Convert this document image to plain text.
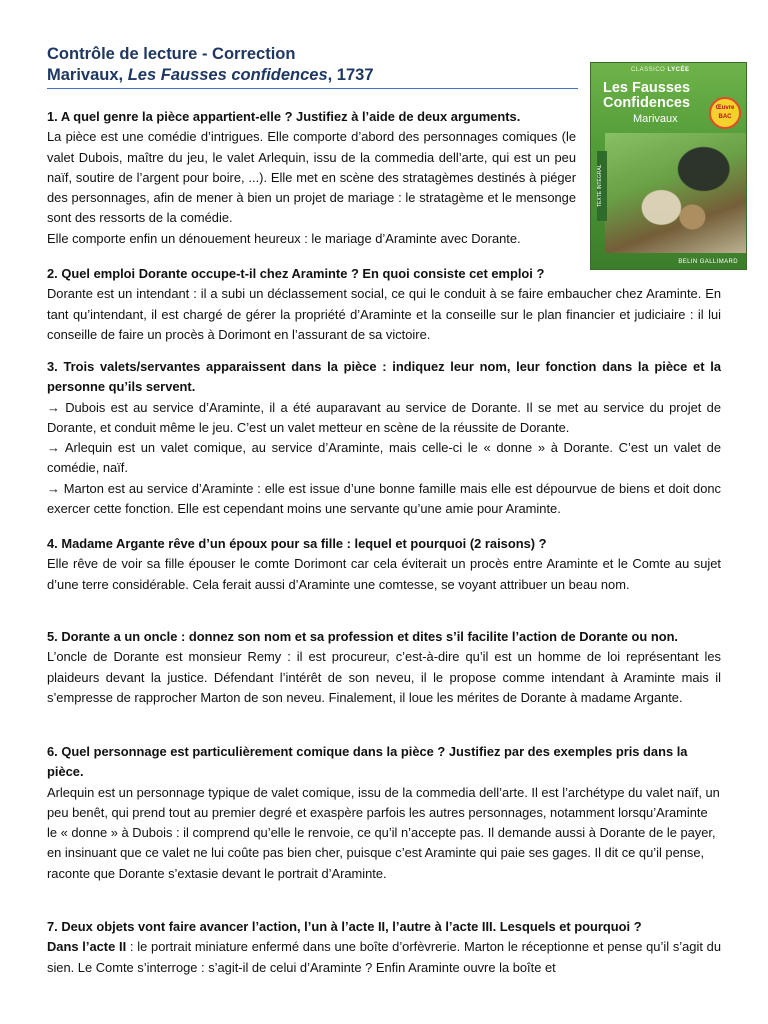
Contrôle de lecture - Correction
Marivaux, Les Fausses confidences, 1737	CLASSICO LYCÉE
Les Fausses Confidences
Marivaux
Œuvre
BAC
TEXTE INTÉGRAL
BELIN GALLIMARD

1. A quel genre la pièce appartient-elle ? Justifiez à l’aide de deux arguments.

La pièce est une comédie d’intrigues. Elle comporte d’abord des personnages comiques (le valet Dubois, maître du jeu, le valet Arlequin, issu de la commedia dell’arte, qui est un peu naïf, soutire de l’argent pour boire, ...). Elle met en scène des stratagèmes destinés à piéger des personnages, afin de mener à bien un projet de mariage : le stratagème et le mensonge sont des ressorts de la comédie.

Elle comporte enfin un dénouement heureux : le mariage d’Araminte avec Dorante.

2. Quel emploi Dorante occupe-t-il chez Araminte ? En quoi consiste cet emploi ?

Dorante est un intendant : il a subi un déclassement social, ce qui le conduit à se faire embaucher chez Araminte. En tant qu’intendant, il est chargé de gérer la propriété d’Araminte et la conseille sur le plan financier et judiciaire : il lui conseille de faire un procès à Dorimont en l’assurant de sa victoire.

3. Trois valets/servantes apparaissent dans la pièce : indiquez leur nom, leur fonction dans la pièce et la personne qu’ils servent.

→ Dubois est au service d’Araminte, il a été auparavant au service de Dorante. Il se met au service du projet de Dorante, et conduit même le jeu. C’est un valet metteur en scène de la réussite de Dorante.

→ Arlequin est un valet comique, au service d’Araminte, mais celle-ci le « donne » à Dorante. C’est un valet de comédie, naïf.

→ Marton est au service d’Araminte : elle est issue d’une bonne famille mais elle est dépourvue de biens et doit donc exercer cette fonction. Elle est cependant moins une servante qu’une amie pour Araminte.

4. Madame Argante rêve d’un époux pour sa fille : lequel et pourquoi (2 raisons) ?

Elle rêve de voir sa fille épouser le comte Dorimont car cela éviterait un procès entre Araminte et le Comte au sujet d’une terre considérable. Cela ferait aussi d’Araminte une comtesse, se voyant attribuer un beau nom.

5. Dorante a un oncle : donnez son nom et sa profession et dites s’il facilite l’action de Dorante ou non.

L’oncle de Dorante est monsieur Remy : il est procureur, c’est-à-dire qu’il est un homme de loi représentant les plaideurs devant la justice. Défendant l’intérêt de son neveu, il le propose comme intendant à Araminte mais il s’empresse de rapprocher Marton de son neveu. Finalement, il loue les mérites de Dorante à madame Argante.

6. Quel personnage est particulièrement comique dans la pièce ? Justifiez par des exemples pris dans la pièce.

Arlequin est un personnage typique de valet comique, issu de la commedia dell’arte. Il est l’archétype du valet naïf, un peu benêt, qui prend tout au premier degré et exaspère parfois les autres personnages, notamment lorsqu’Araminte le « donne » à Dubois : il comprend qu’elle le renvoie, ce qu’il n’accepte pas. Il demande aussi à Dorante de le payer, en insinuant que ce valet ne lui coûte pas bien cher, puisque c’est Araminte qui paie ses gages. Il dit ce qu’il pense, raconte que Dorante s’extasie devant le portrait d’Araminte.

7. Deux objets vont faire avancer l’action, l’un à l’acte II, l’autre à l’acte III. Lesquels et pourquoi ?

Dans l’acte II : le portrait miniature enfermé dans une boîte d’orfèvrerie. Marton le réceptionne et pense qu’il s’agit du sien. Le Comte s’interroge : s’agit-il de celui d’Araminte ? Enfin Araminte ouvre la boîte et
